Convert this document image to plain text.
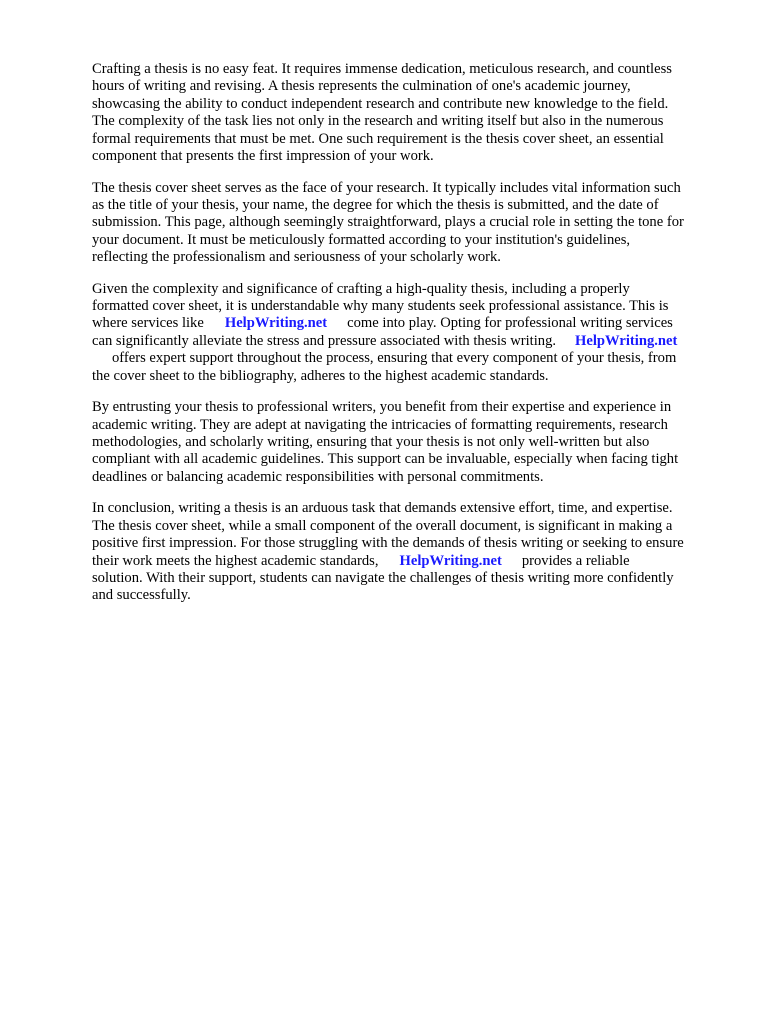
Crafting a thesis is no easy feat. It requires immense dedication, meticulous research, and countless
hours of writing and revising. A thesis represents the culmination of one's academic journey,
showcasing the ability to conduct independent research and contribute new knowledge to the field.
The complexity of the task lies not only in the research and writing itself but also in the numerous
formal requirements that must be met. One such requirement is the thesis cover sheet, an essential
component that presents the first impression of your work.

The thesis cover sheet serves as the face of your research. It typically includes vital information such
as the title of your thesis, your name, the degree for which the thesis is submitted, and the date of
submission. This page, although seemingly straightforward, plays a crucial role in setting the tone for
your document. It must be meticulously formatted according to your institution's guidelines,
reflecting the professionalism and seriousness of your scholarly work.

Given the complexity and significance of crafting a high-quality thesis, including a properly
formatted cover sheet, it is understandable why many students seek professional assistance. This is
where services like HelpWriting.net come into play. Opting for professional writing services
can significantly alleviate the stress and pressure associated with thesis writing. HelpWriting.net
offers expert support throughout the process, ensuring that every component of your thesis, from
the cover sheet to the bibliography, adheres to the highest academic standards.

By entrusting your thesis to professional writers, you benefit from their expertise and experience in
academic writing. They are adept at navigating the intricacies of formatting requirements, research
methodologies, and scholarly writing, ensuring that your thesis is not only well-written but also
compliant with all academic guidelines. This support can be invaluable, especially when facing tight
deadlines or balancing academic responsibilities with personal commitments.

In conclusion, writing a thesis is an arduous task that demands extensive effort, time, and expertise.
The thesis cover sheet, while a small component of the overall document, is significant in making a
positive first impression. For those struggling with the demands of thesis writing or seeking to ensure
their work meets the highest academic standards, HelpWriting.net provides a reliable
solution. With their support, students can navigate the challenges of thesis writing more confidently
and successfully.
